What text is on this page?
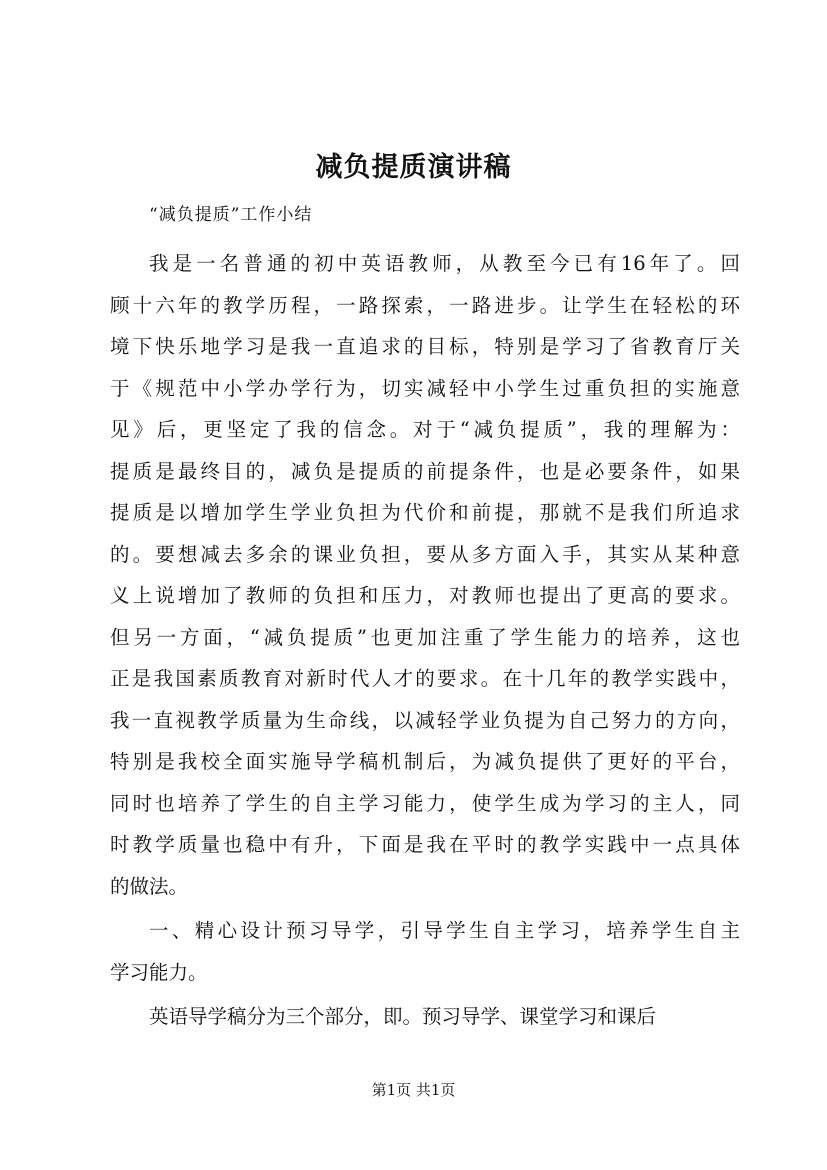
减负提质演讲稿
“减负提质”工作小结
我是一名普通的初中英语教师，从教至今已有16年了。回
顾十六年的教学历程，一路探索，一路进步。让学生在轻松的环
境下快乐地学习是我一直追求的目标，特别是学习了省教育厅关
于《规范中小学办学行为，切实减轻中小学生过重负担的实施意
见》后，更坚定了我的信念。对于“减负提质”，我的理解为：
提质是最终目的，减负是提质的前提条件，也是必要条件，如果
提质是以增加学生学业负担为代价和前提，那就不是我们所追求
的。要想减去多余的课业负担，要从多方面入手，其实从某种意
义上说增加了教师的负担和压力，对教师也提出了更高的要求。
但另一方面，“减负提质”也更加注重了学生能力的培养，这也
正是我国素质教育对新时代人才的要求。在十几年的教学实践中，
我一直视教学质量为生命线，以减轻学业负提为自己努力的方向，
特别是我校全面实施导学稿机制后，为减负提供了更好的平台，
同时也培养了学生的自主学习能力，使学生成为学习的主人，同
时教学质量也稳中有升，下面是我在平时的教学实践中一点具体
的做法。
一、精心设计预习导学，引导学生自主学习，培养学生自主
学习能力。
英语导学稿分为三个部分，即。预习导学、课堂学习和课后
第1页 共1页
